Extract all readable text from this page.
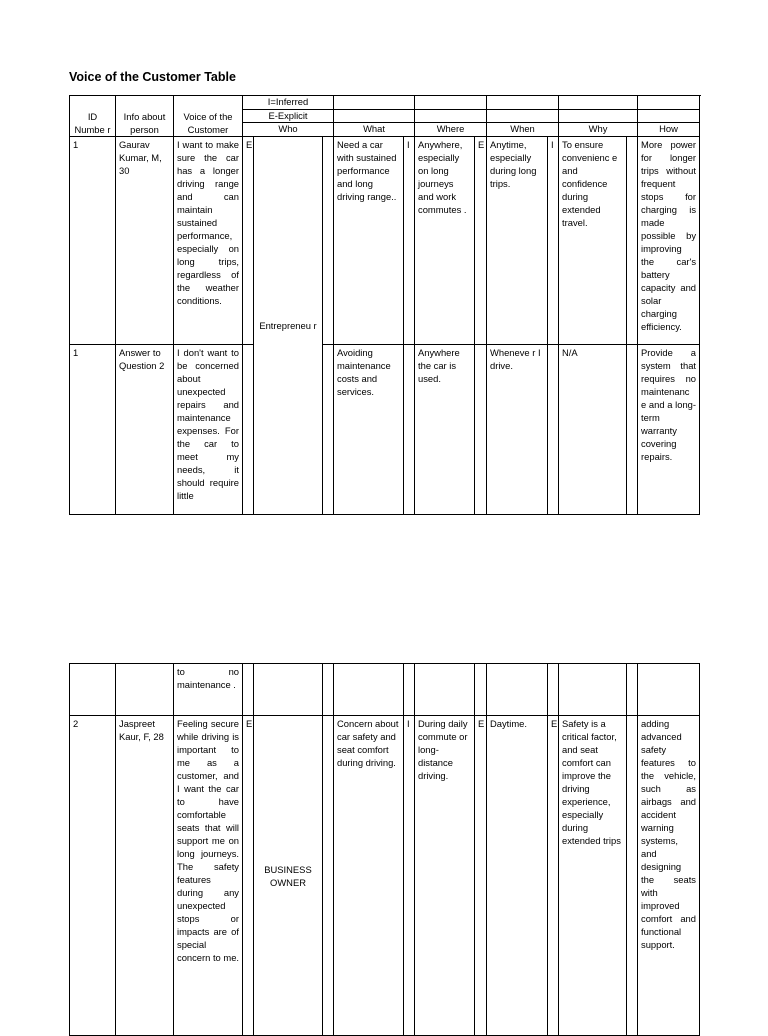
Voice of the Customer Table
ID Numbe r	Info about person	Voice of the Customer	I=Inferred
E-Explicit
Who			What		Where		When		Why		How

1	Gaurav Kumar, M, 30	I want to make sure the car has a longer driving range and can maintain sustained performance, especially on long trips, regardless of the weather conditions.	E	Entrepreneu r		Need a car with sustained performance and long driving range..	I	Anywhere, especially on long journeys and work commutes .	E	Anytime, especially during long trips.	I	To ensure convenienc e and confidence during extended travel.		More power for longer trips without frequent stops for charging is made possible by improving the car's battery capacity and solar charging efficiency.
1	Answer to Question 2	I don't want to be concerned about unexpected repairs and maintenance expenses. For the car to meet my needs, it should require little				Avoiding maintenance costs and services.		Anywhere the car is used.		Wheneve r I drive.		N/A		Provide a system that requires no maintenanc e and a long-term warranty covering repairs.
		to no maintenance .												
2	Jaspreet Kaur, F, 28	Feeling secure while driving is important to me as a customer, and I want the car to have comfortable seats that will support me on long journeys. The safety features during any unexpected stops or impacts are of special concern to me.	E	BUSINESS OWNER		Concern about car safety and seat comfort during driving.	I	During daily commute or long-distance driving.	E	Daytime.	E	Safety is a critical factor, and seat comfort can improve the driving experience, especially during extended trips		adding advanced safety features to the vehicle, such as airbags and accident warning systems, and designing the seats with improved comfort and functional support.
